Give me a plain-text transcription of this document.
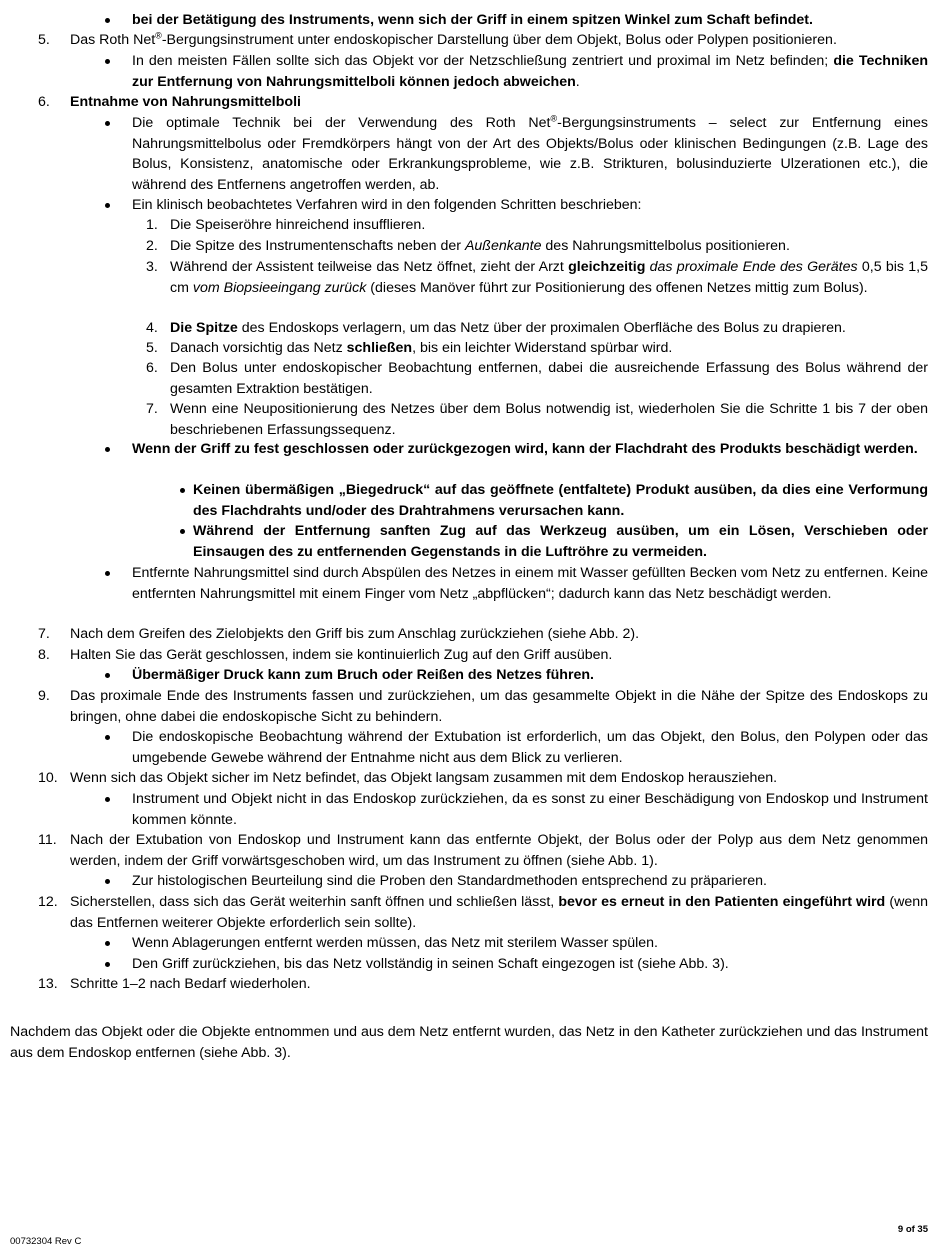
bei der Betätigung des Instruments, wenn sich der Griff in einem spitzen Winkel zum Schaft befindet.
5. Das Roth Net®-Bergungsinstrument unter endoskopischer Darstellung über dem Objekt, Bolus oder Polypen positionieren.
In den meisten Fällen sollte sich das Objekt vor der Netzschließung zentriert und proximal im Netz befinden; die Techniken zur Entfernung von Nahrungsmittelboli können jedoch abweichen.
6. Entnahme von Nahrungsmittelboli
Die optimale Technik bei der Verwendung des Roth Net®-Bergungsinstruments – select zur Entfernung eines Nahrungsmittelbolus oder Fremdkörpers hängt von der Art des Objekts/Bolus oder klinischen Bedingungen (z.B. Lage des Bolus, Konsistenz, anatomische oder Erkrankungsprobleme, wie z.B. Strikturen, bolusinduzierte Ulzerationen etc.), die während des Entfernens angetroffen werden, ab.
Ein klinisch beobachtetes Verfahren wird in den folgenden Schritten beschrieben:
1. Die Speiseröhre hinreichend insufflieren.
2. Die Spitze des Instrumentenschafts neben der Außenkante des Nahrungsmittelbolus positionieren.
3. Während der Assistent teilweise das Netz öffnet, zieht der Arzt gleichzeitig das proximale Ende des Gerätes 0,5 bis 1,5 cm vom Biopsieeingang zurück (dieses Manöver führt zur Positionierung des offenen Netzes mittig zum Bolus).
4. Die Spitze des Endoskops verlagern, um das Netz über der proximalen Oberfläche des Bolus zu drapieren.
5. Danach vorsichtig das Netz schließen, bis ein leichter Widerstand spürbar wird.
6. Den Bolus unter endoskopischer Beobachtung entfernen, dabei die ausreichende Erfassung des Bolus während der gesamten Extraktion bestätigen.
7. Wenn eine Neupositionierung des Netzes über dem Bolus notwendig ist, wiederholen Sie die Schritte 1 bis 7 der oben beschriebenen Erfassungssequenz.
Wenn der Griff zu fest geschlossen oder zurückgezogen wird, kann der Flachdraht des Produkts beschädigt werden.
Keinen übermäßigen „Biegedruck“ auf das geöffnete (entfaltete) Produkt ausüben, da dies eine Verformung des Flachdrahts und/oder des Drahtrahmens verursachen kann.
Während der Entfernung sanften Zug auf das Werkzeug ausüben, um ein Lösen, Verschieben oder Einsaugen des zu entfernenden Gegenstands in die Luftröhre zu vermeiden.
Entfernte Nahrungsmittel sind durch Abspülen des Netzes in einem mit Wasser gefüllten Becken vom Netz zu entfernen. Keine entfernten Nahrungsmittel mit einem Finger vom Netz „abpflücken“; dadurch kann das Netz beschädigt werden.
7. Nach dem Greifen des Zielobjekts den Griff bis zum Anschlag zurückziehen (siehe Abb. 2).
8. Halten Sie das Gerät geschlossen, indem sie kontinuierlich Zug auf den Griff ausüben.
Übermäßiger Druck kann zum Bruch oder Reißen des Netzes führen.
9. Das proximale Ende des Instruments fassen und zurückziehen, um das gesammelte Objekt in die Nähe der Spitze des Endoskops zu bringen, ohne dabei die endoskopische Sicht zu behindern.
Die endoskopische Beobachtung während der Extubation ist erforderlich, um das Objekt, den Bolus, den Polypen oder das umgebende Gewebe während der Entnahme nicht aus dem Blick zu verlieren.
10. Wenn sich das Objekt sicher im Netz befindet, das Objekt langsam zusammen mit dem Endoskop herausziehen.
Instrument und Objekt nicht in das Endoskop zurückziehen, da es sonst zu einer Beschädigung von Endoskop und Instrument kommen könnte.
11. Nach der Extubation von Endoskop und Instrument kann das entfernte Objekt, der Bolus oder der Polyp aus dem Netz genommen werden, indem der Griff vorwärtsgeschoben wird, um das Instrument zu öffnen (siehe Abb. 1).
Zur histologischen Beurteilung sind die Proben den Standardmethoden entsprechend zu präparieren.
12. Sicherstellen, dass sich das Gerät weiterhin sanft öffnen und schließen lässt, bevor es erneut in den Patienten eingeführt wird (wenn das Entfernen weiterer Objekte erforderlich sein sollte).
Wenn Ablagerungen entfernt werden müssen, das Netz mit sterilem Wasser spülen.
Den Griff zurückziehen, bis das Netz vollständig in seinen Schaft eingezogen ist (siehe Abb. 3).
13. Schritte 1–2 nach Bedarf wiederholen.
Nachdem das Objekt oder die Objekte entnommen und aus dem Netz entfernt wurden, das Netz in den Katheter zurückziehen und das Instrument aus dem Endoskop entfernen (siehe Abb. 3).
00732304 Rev C
9 of 35
